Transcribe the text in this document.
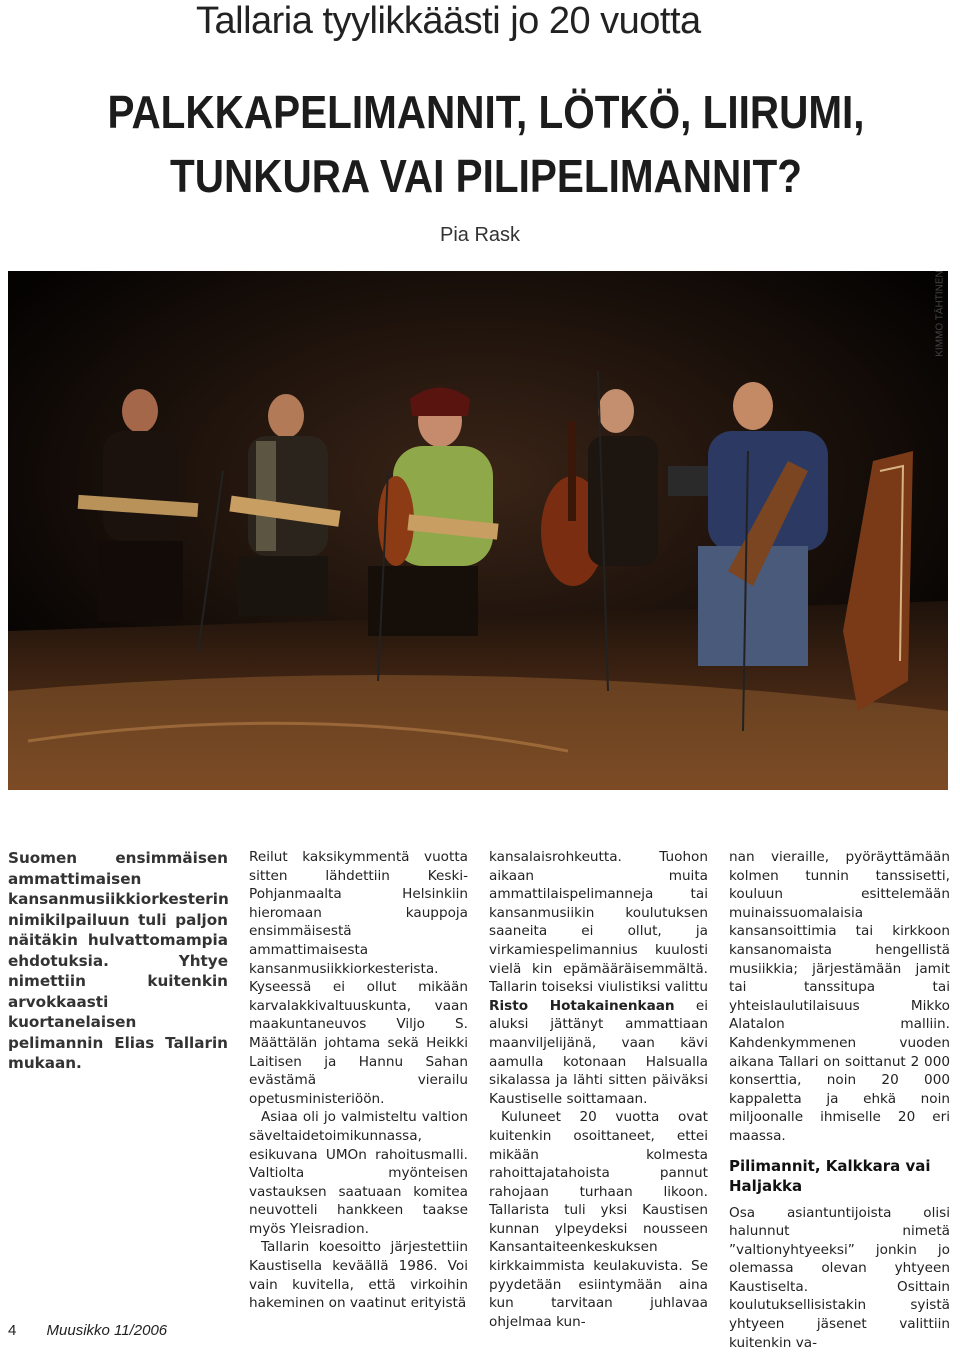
Tallaria tyylikkäästi jo 20 vuotta
PALKKAPELIMANNIT, LÖTKÖ, LIIRUMI,
TUNKURA VAI PILIPELIMANNIT?
Pia Rask
KIMMO TÄHTINEN

Suomen ensimmäisen ammattimaisen kansanmusiikkiorkesterin nimikilpailuun tuli paljon näitäkin hulvattomampia ehdotuksia. Yhtye nimettiin kuitenkin arvokkaasti kuortanelaisen pelimannin Elias Tallarin mukaan.

Reilut kaksikymmentä vuotta sitten lähdettiin Keski-Pohjanmaalta Helsinkiin hieromaan kauppoja ensimmäisestä ammattimaisesta kansanmusiikkiorkesterista. Kyseessä ei ollut mikään karvalakkivaltuuskunta, vaan maakuntaneuvos Viljo S. Määttälän johtama sekä Heikki Laitisen ja Hannu Sahan evästämä vierailu opetusministeriöön.

Asiaa oli jo valmisteltu valtion säveltaidetoimikunnassa, esikuvana UMOn rahoitusmalli. Valtiolta myönteisen vastauksen saatuaan komitea neuvotteli hankkeen taakse myös Yleisradion.

Tallarin koesoitto järjestettiin Kaustisella keväällä 1986. Voi vain kuvitella, että virkoihin hakeminen on vaatinut erityistä

kansalaisrohkeutta. Tuohon aikaan muita ammattilaispelimanneja tai kansanmusiikin koulutuksen saaneita ei ollut, ja virkamiespelimannius kuulosti vielä kin epämääräisemmältä. Tallarin toiseksi viulistiksi valittu Risto Hotakainenkaan ei aluksi jättänyt ammattiaan maanviljelijänä, vaan kävi aamulla kotonaan Halsualla sikalassa ja lähti sitten päiväksi Kaustiselle soittamaan.

Kuluneet 20 vuotta ovat kuitenkin osoittaneet, ettei mikään kolmesta rahoittajatahoista pannut rahojaan turhaan likoon. Tallarista tuli yksi Kaustisen kunnan ylpeydeksi nousseen Kansantaiteenkeskuksen kirkkaimmista keulakuvista. Se pyydetään esiintymään aina kun tarvitaan juhlavaa ohjelmaa kun-

nan vieraille, pyöräyttämään kolmen tunnin tanssisetti, kouluun esittelemään muinaissuomalaisia kansansoittimia tai kirkkoon kansanomaista hengellistä musiikkia; järjestämään jamit tai tanssitupa tai yhteislaulutilaisuus Mikko Alatalon malliin. Kahdenkymmenen vuoden aikana Tallari on soittanut 2 000 konserttia, noin 20 000 kappaletta ja ehkä noin miljoonalle ihmiselle 20 eri maassa.

Pilimannit, Kalkkara vai Haljakka

Osa asiantuntijoista olisi halunnut nimetä ”valtionyhtyeeksi” jonkin jo olemassa olevan yhtyeen Kaustiselta. Osittain koulutuksellisistakin syistä yhtyeen jäsenet valittiin kuitenkin va-

4 Muusikko 11/2006
